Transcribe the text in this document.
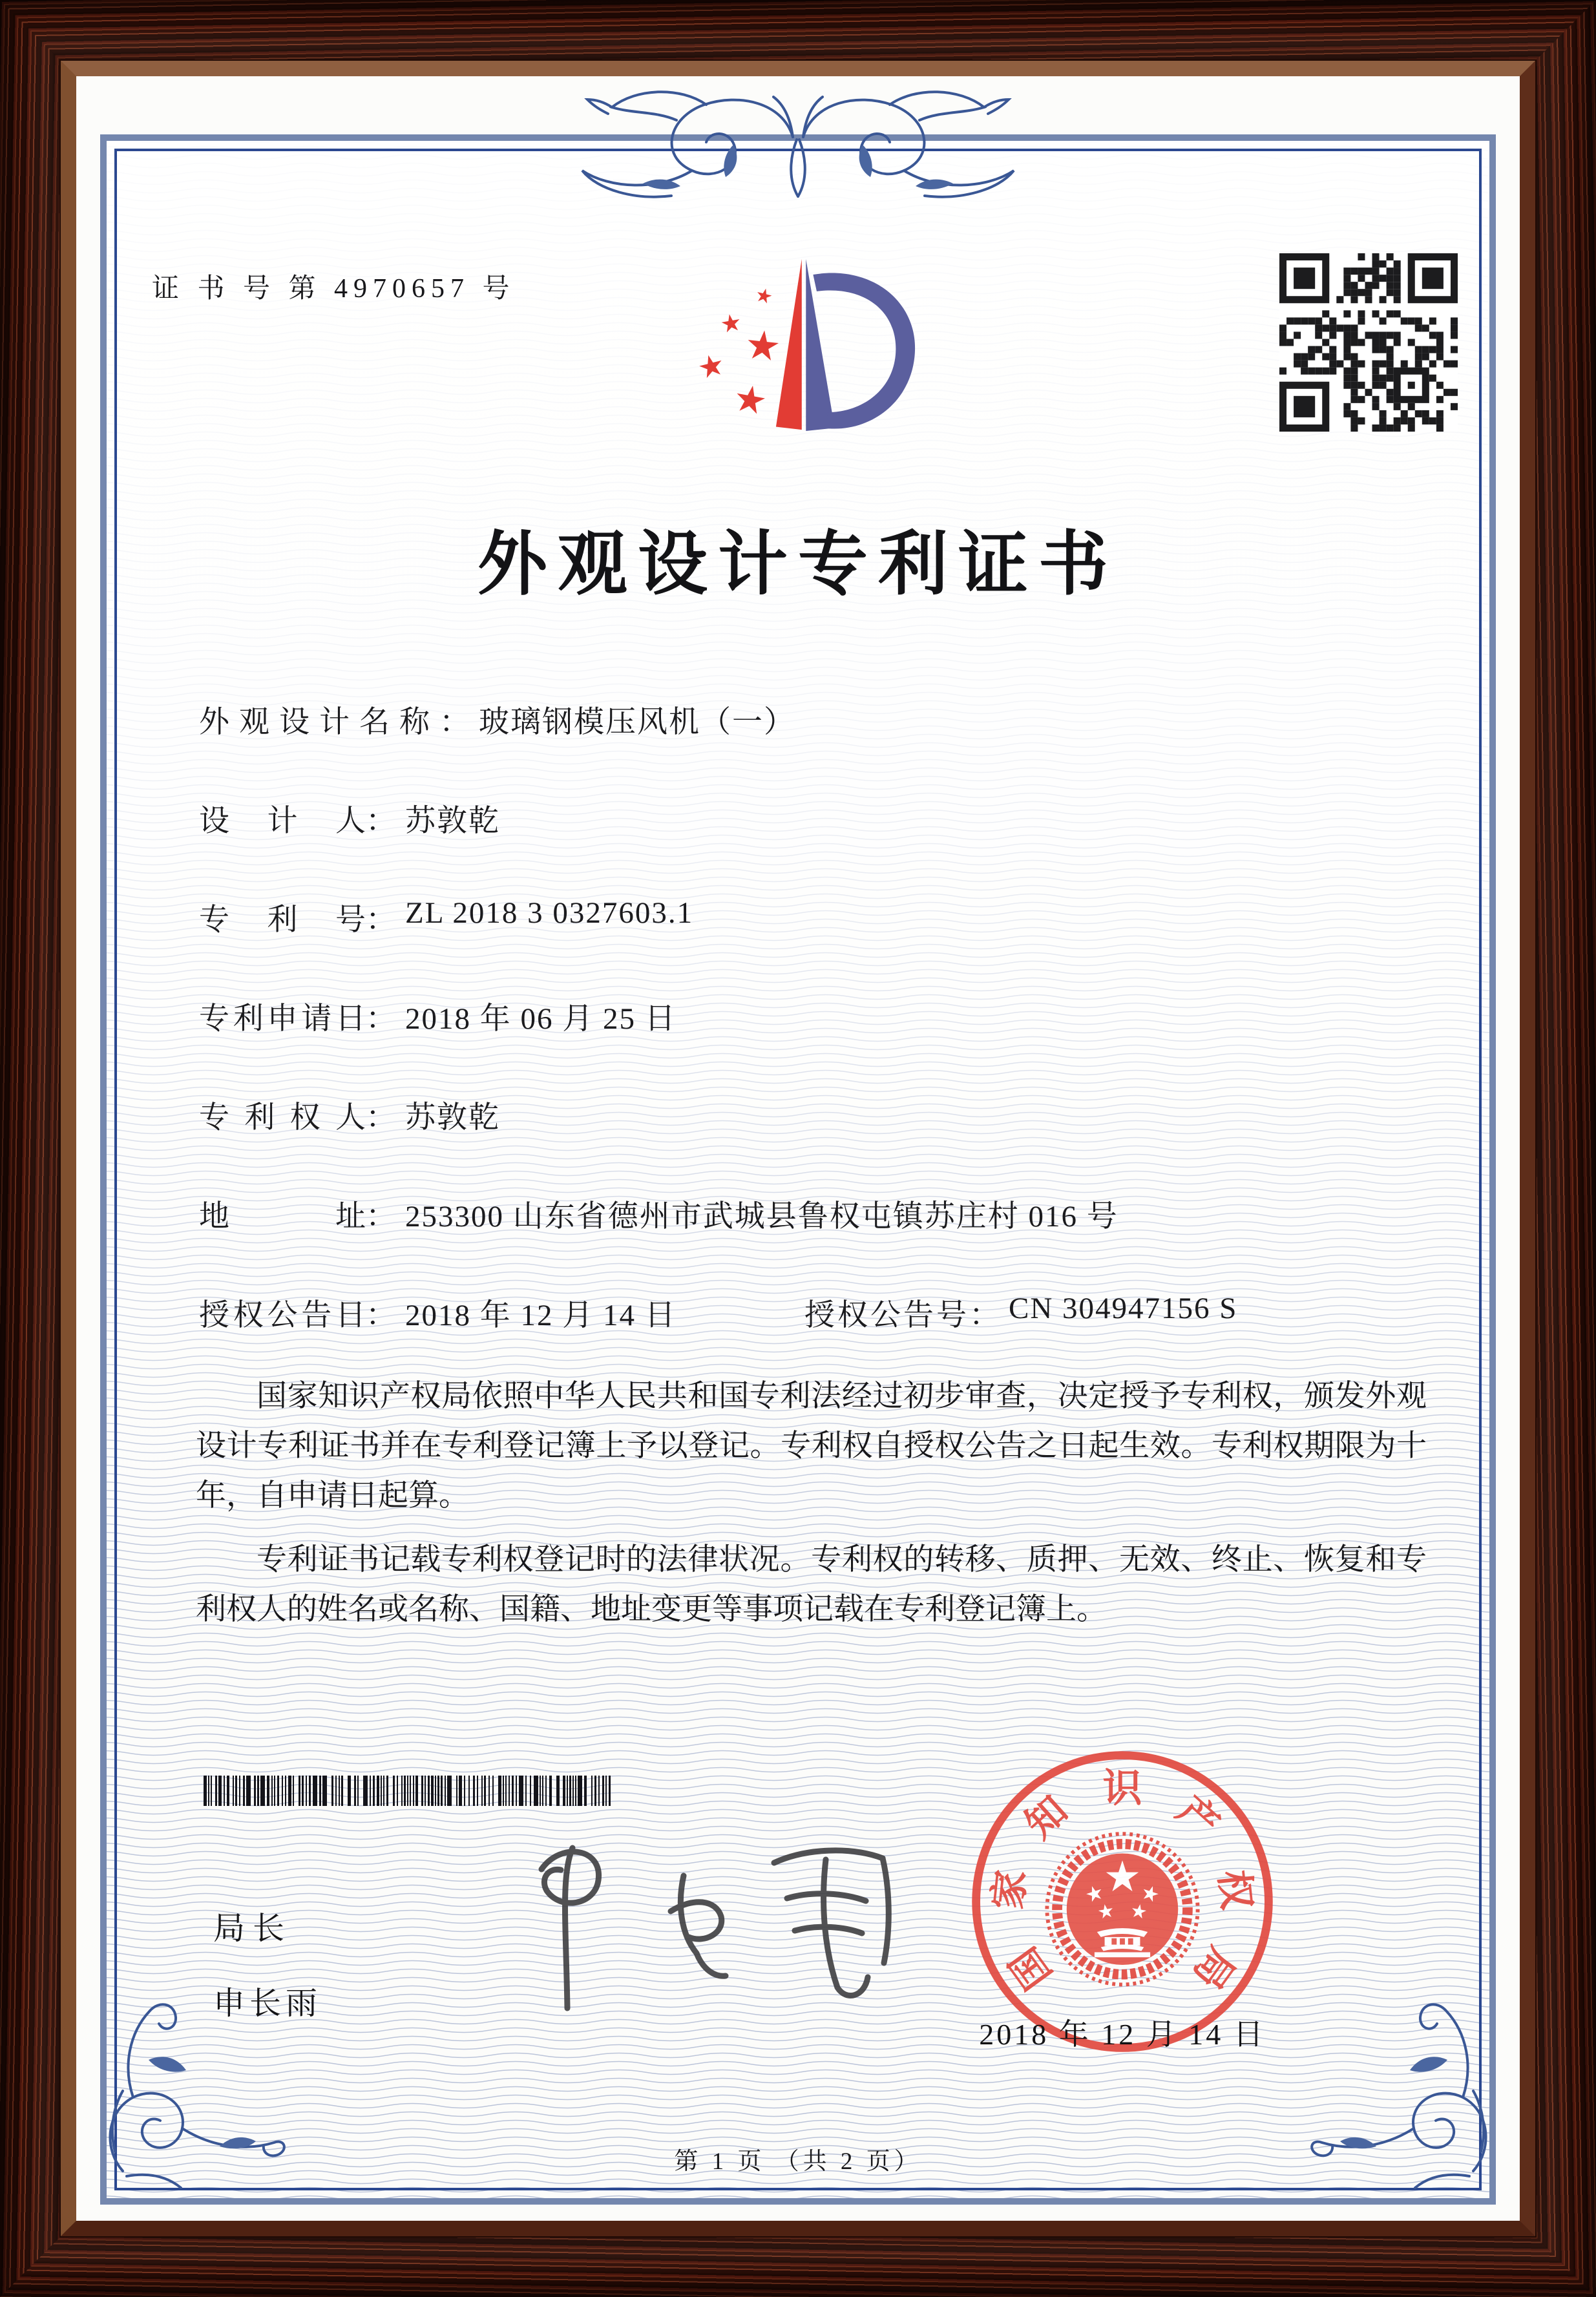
证 书 号 第 4970657 号
外观设计专利证书
外观设计名称 ： 玻璃钢模压风机（一）
设计人 ： 苏敦乾
专利号 ： ZL 2018 3 0327603.1
专利申请日 ： 2018 年 06 月 25 日
专利权人 ： 苏敦乾
地址 ： 253300 山东省德州市武城县鲁权屯镇苏庄村 016 号
授权公告日 ： 2018 年 12 月 14 日	授权公告号 ： CN 304947156 S

国家知识产权局依照中华人民共和国专利法经过初步审查，决定授予专利权，颁发外观设计专利证书并在专利登记簿上予以登记。专利权自授权公告之日起生效。专利权期限为十年，自申请日起算。

专利证书记载专利权登记时的法律状况。专利权的转移、质押、无效、终止、恢复和专利权人的姓名或名称、国籍、地址变更等事项记载在专利登记簿上。

局长
申长雨
国
家
知 识 产
权
局
2018 年 12 月 14 日
第 1 页 （共 2 页）
